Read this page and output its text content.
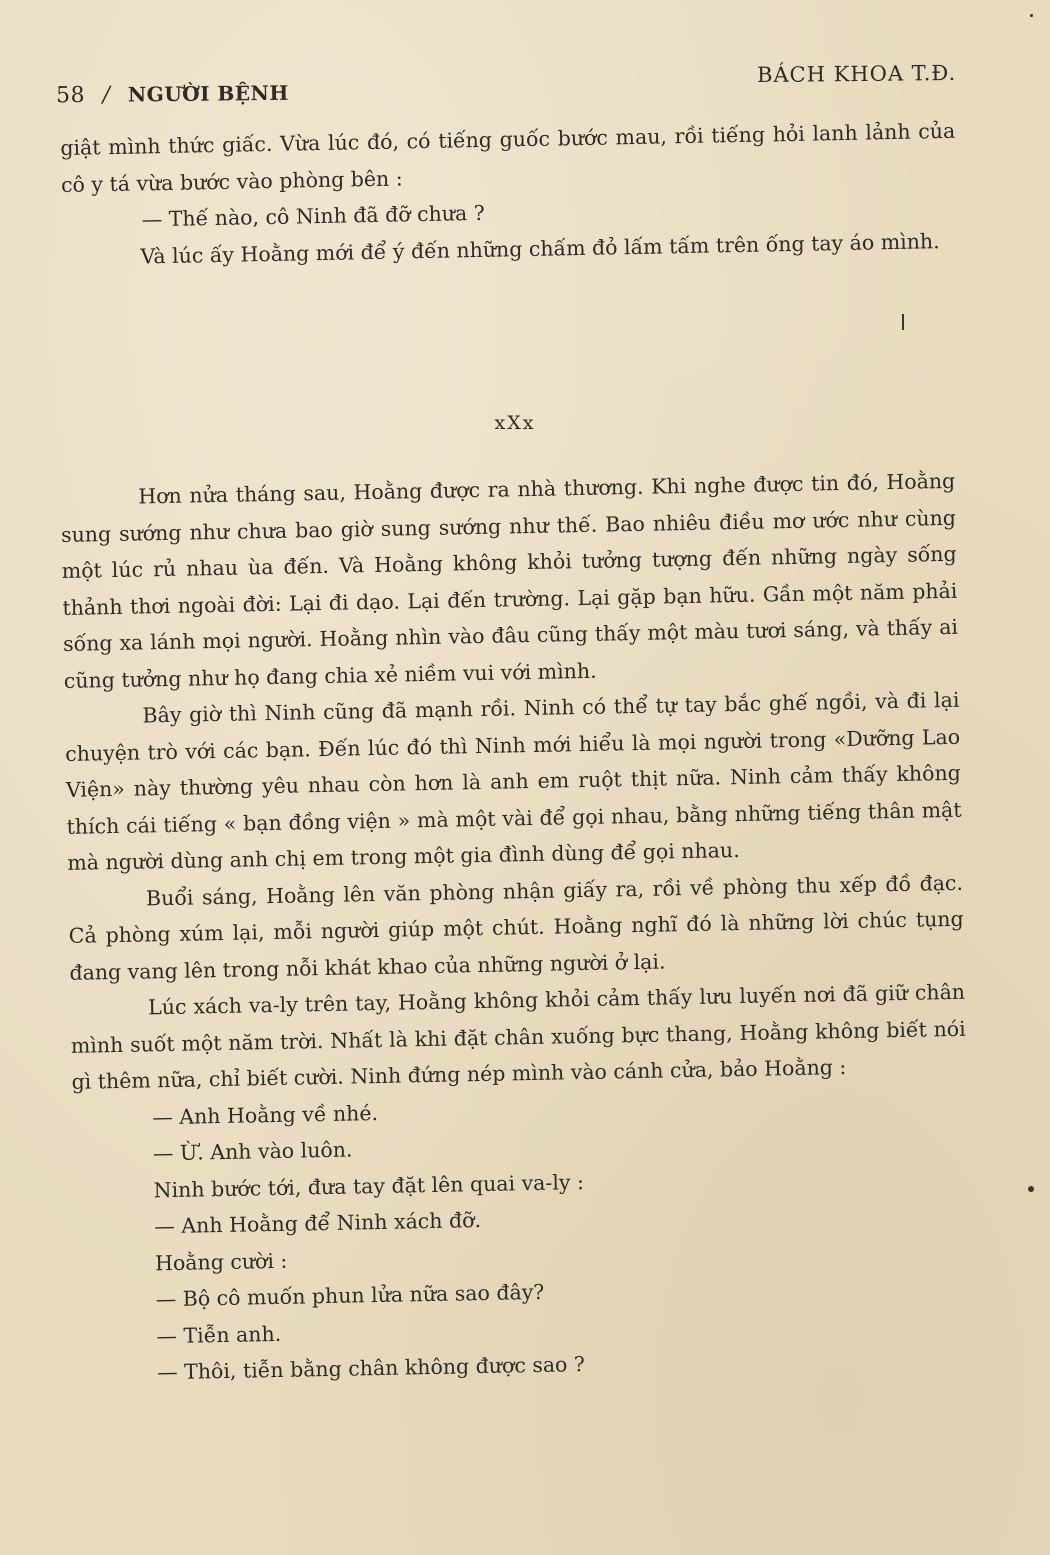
58 / NGƯỜI BỆNH
BÁCH KHOA T.Đ.

giật mình thức giấc. Vừa lúc đó, có tiếng guốc bước mau, rồi tiếng hỏi lanh lảnh của cô y tá vừa bước vào phòng bên :

— Thế nào, cô Ninh đã đỡ chưa ?

Và lúc ấy Hoằng mới để ý đến những chấm đỏ lấm tấm trên ống tay áo mình.

xXx

Hơn nửa tháng sau, Hoằng được ra nhà thương. Khi nghe được tin đó, Hoằng sung sướng như chưa bao giờ sung sướng như thế. Bao nhiêu điều mơ ước như cùng một lúc rủ nhau ùa đến. Và Hoằng không khỏi tưởng tượng đến những ngày sống thảnh thơi ngoài đời: Lại đi dạo. Lại đến trường. Lại gặp bạn hữu. Gần một năm phải sống xa lánh mọi người. Hoằng nhìn vào đâu cũng thấy một màu tươi sáng, và thấy ai cũng tưởng như họ đang chia xẻ niềm vui với mình.

Bây giờ thì Ninh cũng đã mạnh rồi. Ninh có thể tự tay bắc ghế ngồi, và đi lại chuyện trò với các bạn. Đến lúc đó thì Ninh mới hiểu là mọi người trong «Dưỡng Lao Viện» này thường yêu nhau còn hơn là anh em ruột thịt nữa. Ninh cảm thấy không thích cái tiếng « bạn đồng viện » mà một vài để gọi nhau, bằng những tiếng thân mật mà người dùng anh chị em trong một gia đình dùng để gọi nhau.

Buổi sáng, Hoằng lên văn phòng nhận giấy ra, rồi về phòng thu xếp đồ đạc. Cả phòng xúm lại, mỗi người giúp một chút. Hoằng nghĩ đó là những lời chúc tụng đang vang lên trong nỗi khát khao của những người ở lại.

Lúc xách va-ly trên tay, Hoằng không khỏi cảm thấy lưu luyến nơi đã giữ chân mình suốt một năm trời. Nhất là khi đặt chân xuống bực thang, Hoằng không biết nói gì thêm nữa, chỉ biết cười. Ninh đứng nép mình vào cánh cửa, bảo Hoằng :

— Anh Hoằng về nhé.

— Ừ. Anh vào luôn.

Ninh bước tới, đưa tay đặt lên quai va-ly :

— Anh Hoằng để Ninh xách đỡ.

Hoằng cười :

— Bộ cô muốn phun lửa nữa sao đây?

— Tiễn anh.

— Thôi, tiễn bằng chân không được sao ?
